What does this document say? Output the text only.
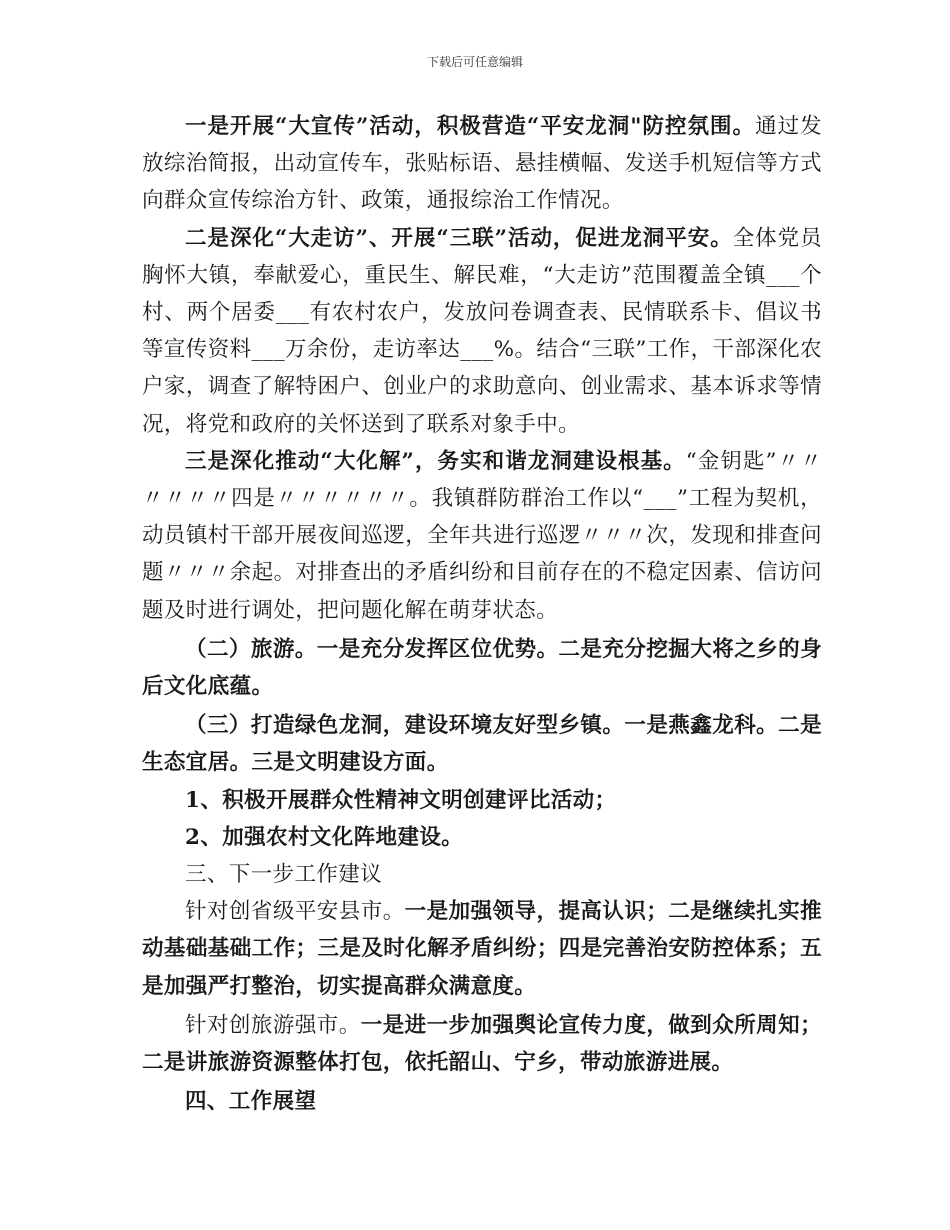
下载后可任意编辑

一是开展“大宣传”活动，积极营造“平安龙洞"防控氛围。通过发放综治简报，出动宣传车，张贴标语、悬挂横幅、发送手机短信等方式向群众宣传综治方针、政策，通报综治工作情况。

二是深化“大走访”、开展“三联”活动，促进龙洞平安。全体党员胸怀大镇，奉献爱心，重民生、解民难，“大走访”范围覆盖全镇___个村、两个居委___有农村农户，发放问卷调查表、民情联系卡、倡议书等宣传资料___万余份，走访率达___%。结合“三联”工作，干部深化农户家，调查了解特困户、创业户的求助意向、创业需求、基本诉求等情况，将党和政府的关怀送到了联系对象手中。

三是深化推动“大化解”，务实和谐龙洞建设根基。“金钥匙”〃〃〃〃〃〃四是〃〃〃〃〃〃。我镇群防群治工作以“___”工程为契机，动员镇村干部开展夜间巡逻，全年共进行巡逻〃〃〃次，发现和排查问题〃〃〃余起。对排查出的矛盾纠纷和目前存在的不稳定因素、信访问题及时进行调处，把问题化解在萌芽状态。

（二）旅游。一是充分发挥区位优势。二是充分挖掘大将之乡的身后文化底蕴。

（三）打造绿色龙洞，建设环境友好型乡镇。一是燕鑫龙科。二是生态宜居。三是文明建设方面。

1、积极开展群众性精神文明创建评比活动；

2、加强农村文化阵地建设。

三、下一步工作建议

针对创省级平安县市。一是加强领导，提高认识；二是继续扎实推动基础基础工作；三是及时化解矛盾纠纷；四是完善治安防控体系；五是加强严打整治，切实提高群众满意度。

针对创旅游强市。一是进一步加强舆论宣传力度，做到众所周知；二是讲旅游资源整体打包，依托韶山、宁乡，带动旅游进展。

四、工作展望
